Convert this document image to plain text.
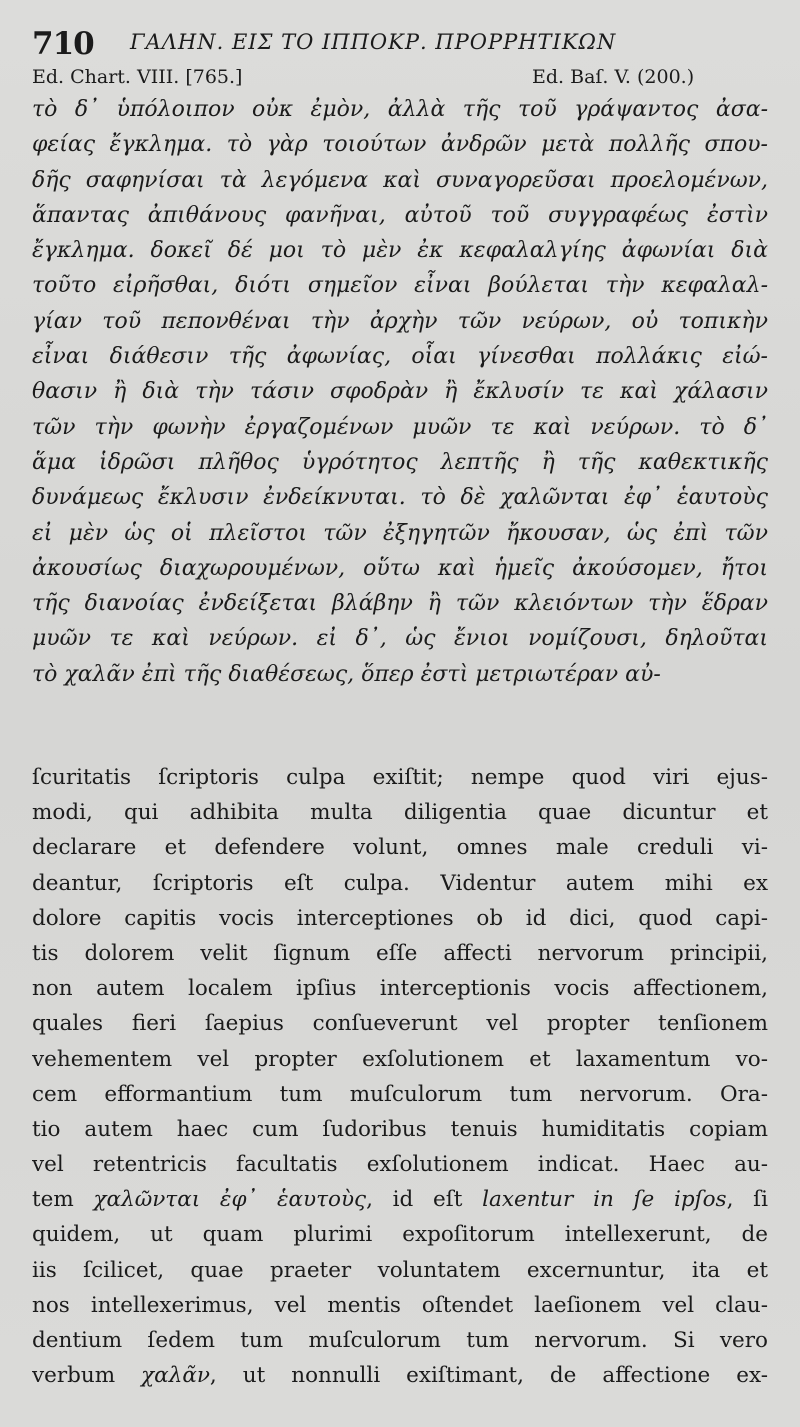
710 ΓΑΛΗΝ. ΕΙΣ ΤΟ ΙΠΠΟΚΡ. ΠΡΟΡΡΗΤΙΚΩΝ
Ed. Chart. VIII. [765.]	Ed. Baſ. V. (200.)
τὸ δ᾽ ὑπόλοιπον οὐκ ἐμὸν, ἀλλὰ τῆς τοῦ γράψαντος ἀσα-
φείας ἔγκλημα. τὸ γὰρ τοιούτων ἀνδρῶν μετὰ πολλῆς σπου-
δῆς σαφηνίσαι τὰ λεγόμενα καὶ συναγορεῦσαι προελομένων,
ἅπαντας ἀπιθάνους φανῆναι, αὐτοῦ τοῦ συγγραφέως ἐστὶν
ἔγκλημα. δοκεῖ δέ μοι τὸ μὲν ἐκ κεφαλαλγίης ἀφωνίαι διὰ
τοῦτο εἰρῆσθαι, διότι σημεῖον εἶναι βούλεται τὴν κεφαλαλ-
γίαν τοῦ πεπονθέναι τὴν ἀρχὴν τῶν νεύρων, οὐ τοπικὴν
εἶναι διάθεσιν τῆς ἀφωνίας, οἷαι γίνεσθαι πολλάκις εἰώ-
θασιν ἢ διὰ τὴν τάσιν σφοδρὰν ἢ ἔκλυσίν τε καὶ χάλασιν
τῶν τὴν φωνὴν ἐργαζομένων μυῶν τε καὶ νεύρων. τὸ δ᾽
ἅμα ἱδρῶσι πλῆθος ὑγρότητος λεπτῆς ἢ τῆς καθεκτικῆς
δυνάμεως ἔκλυσιν ἐνδείκνυται. τὸ δὲ χαλῶνται ἐφ᾽ ἑαυτοὺς
εἰ μὲν ὡς οἱ πλεῖστοι τῶν ἐξηγητῶν ἤκουσαν, ὡς ἐπὶ τῶν
ἀκουσίως διαχωρουμένων, οὕτω καὶ ἡμεῖς ἀκούσομεν, ἤτοι
τῆς διανοίας ἐνδείξεται βλάβην ἢ τῶν κλειόντων τὴν ἕδραν
μυῶν τε καὶ νεύρων. εἰ δ᾽, ὡς ἔνιοι νομίζουσι, δηλοῦται
τὸ χαλᾶν ἐπὶ τῆς διαθέσεως, ὅπερ ἐστὶ μετριωτέραν αὐ-
ſcuritatis ſcriptoris culpa exiſtit; nempe quod viri ejus-
modi, qui adhibita multa diligentia quae dicuntur et
declarare et defendere volunt, omnes male creduli vi-
deantur, ſcriptoris eſt culpa. Videntur autem mihi ex
dolore capitis vocis interceptiones ob id dici, quod capi-
tis dolorem velit ſignum eſſe affecti nervorum principii,
non autem localem ipſius interceptionis vocis affectionem,
quales fieri ſaepius conſueverunt vel propter tenſionem
vehementem vel propter exſolutionem et laxamentum vo-
cem efformantium tum muſculorum tum nervorum. Ora-
tio autem haec cum ſudoribus tenuis humiditatis copiam
vel retentricis facultatis exſolutionem indicat. Haec au-
tem χαλῶνται ἐφ᾽ ἑαυτοὺς, id eſt laxentur in ſe ipſos, ſi
quidem, ut quam plurimi expoſitorum intellexerunt, de
iis ſcilicet, quae praeter voluntatem excernuntur, ita et
nos intellexerimus, vel mentis oſtendet laeſionem vel clau-
dentium ſedem tum muſculorum tum nervorum. Si vero
verbum χαλᾶν, ut nonnulli exiſtimant, de affectione ex-
